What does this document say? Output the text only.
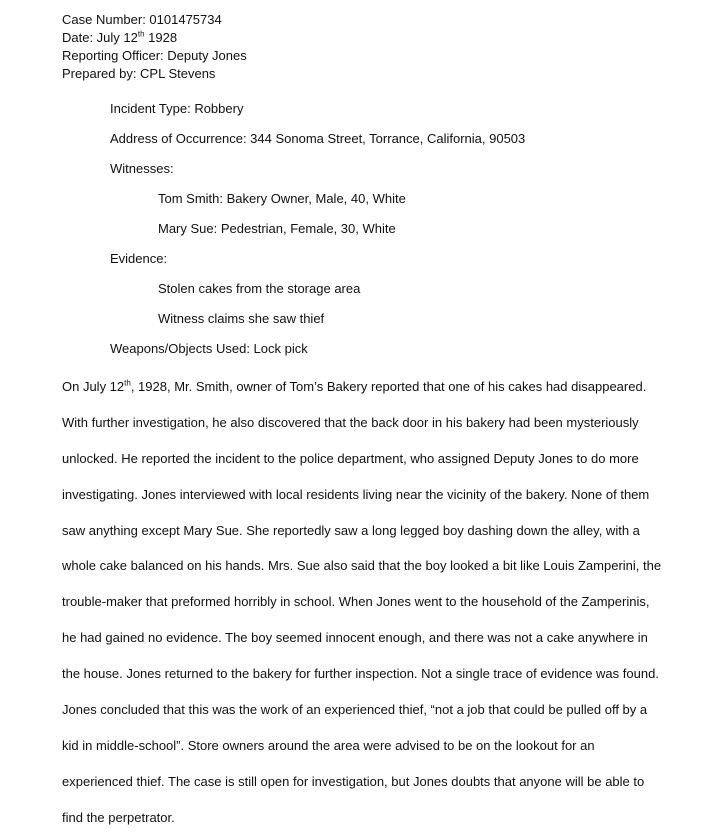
Case Number: 0101475734
Date: July 12th 1928
Reporting Officer: Deputy Jones
Prepared by: CPL Stevens
Incident Type: Robbery
Address of Occurrence: 344 Sonoma Street, Torrance, California, 90503
Witnesses:
Tom Smith: Bakery Owner, Male, 40, White
Mary Sue: Pedestrian, Female, 30, White
Evidence:
Stolen cakes from the storage area
Witness claims she saw thief
Weapons/Objects Used: Lock pick
On July 12th, 1928, Mr. Smith, owner of Tom’s Bakery reported that one of his cakes had disappeared.
With further investigation, he also discovered that the back door in his bakery had been mysteriously
unlocked. He reported the incident to the police department, who assigned Deputy Jones to do more
investigating. Jones interviewed with local residents living near the vicinity of the bakery. None of them
saw anything except Mary Sue. She reportedly saw a long legged boy dashing down the alley, with a
whole cake balanced on his hands. Mrs. Sue also said that the boy looked a bit like Louis Zamperini, the
trouble-maker that preformed horribly in school. When Jones went to the household of the Zamperinis,
he had gained no evidence. The boy seemed innocent enough, and there was not a cake anywhere in
the house. Jones returned to the bakery for further inspection. Not a single trace of evidence was found.
Jones concluded that this was the work of an experienced thief, “not a job that could be pulled off by a
kid in middle-school”. Store owners around the area were advised to be on the lookout for an
experienced thief. The case is still open for investigation, but Jones doubts that anyone will be able to
find the perpetrator.
